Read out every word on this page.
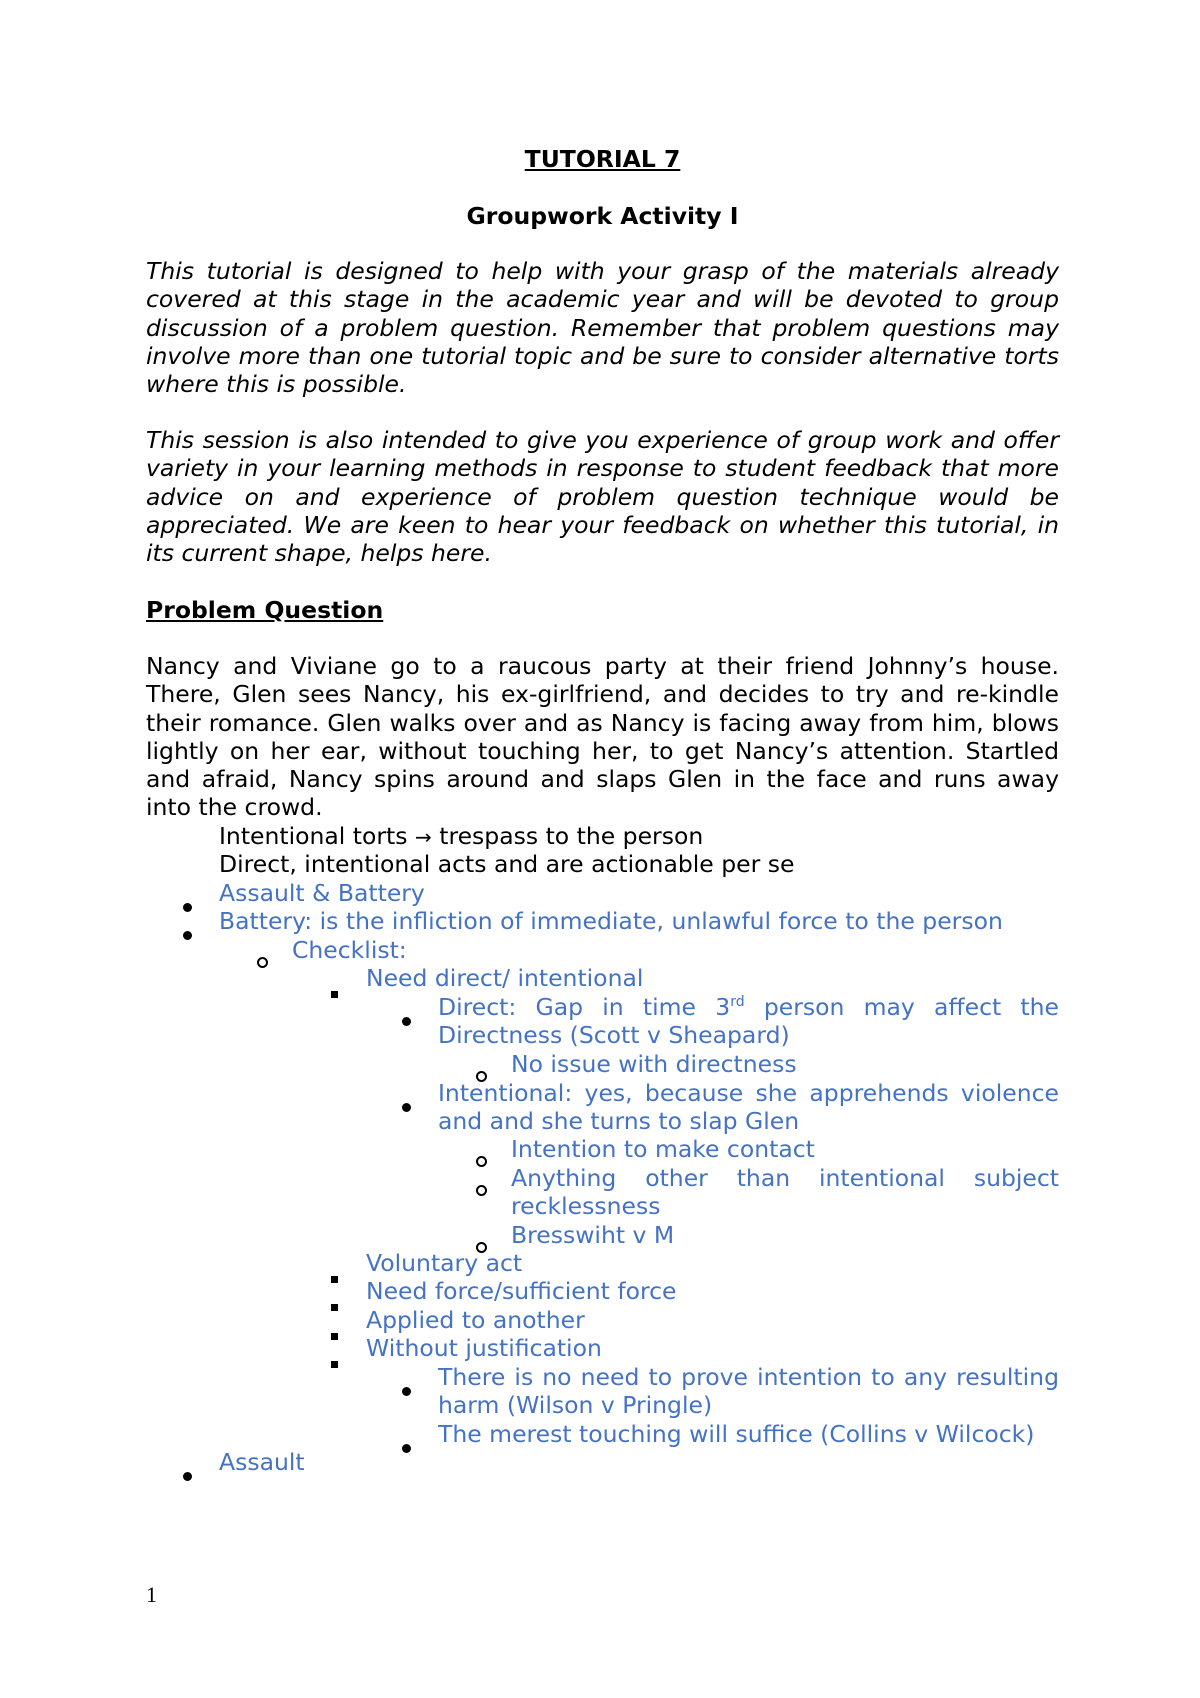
TUTORIAL 7
Groupwork Activity I

This tutorial is designed to help with your grasp of the materials already covered at this stage in the academic year and will be devoted to group discussion of a problem question. Remember that problem questions may involve more than one tutorial topic and be sure to consider alternative torts where this is possible.

This session is also intended to give you experience of group work and offer variety in your learning methods in response to student feedback that more advice on and experience of problem question technique would be appreciated. We are keen to hear your feedback on whether this tutorial, in its current shape, helps here.

Problem Question

Nancy and Viviane go to a raucous party at their friend Johnny’s house. There, Glen sees Nancy, his ex-girlfriend, and decides to try and re-kindle their romance. Glen walks over and as Nancy is facing away from him, blows lightly on her ear, without touching her, to get Nancy’s attention. Startled and afraid, Nancy spins around and slaps Glen in the face and runs away into the crowd.

Intentional torts → trespass to the person
Direct, intentional acts and are actionable per se
Assault & Battery
Battery: is the infliction of immediate, unlawful force to the person
Checklist:
Need direct/ intentional
Direct: Gap in time 3rd person may affect the Directness (Scott v Sheapard)
No issue with directness
Intentional: yes, because she apprehends violence and and she turns to slap Glen
Intention to make contact
Anything other than intentional subject recklessness
Bresswiht v M
Voluntary act
Need force/sufficient force
Applied to another
Without justification
There is no need to prove intention to any resulting harm (Wilson v Pringle)
The merest touching will suffice (Collins v Wilcock)
Assault
1
